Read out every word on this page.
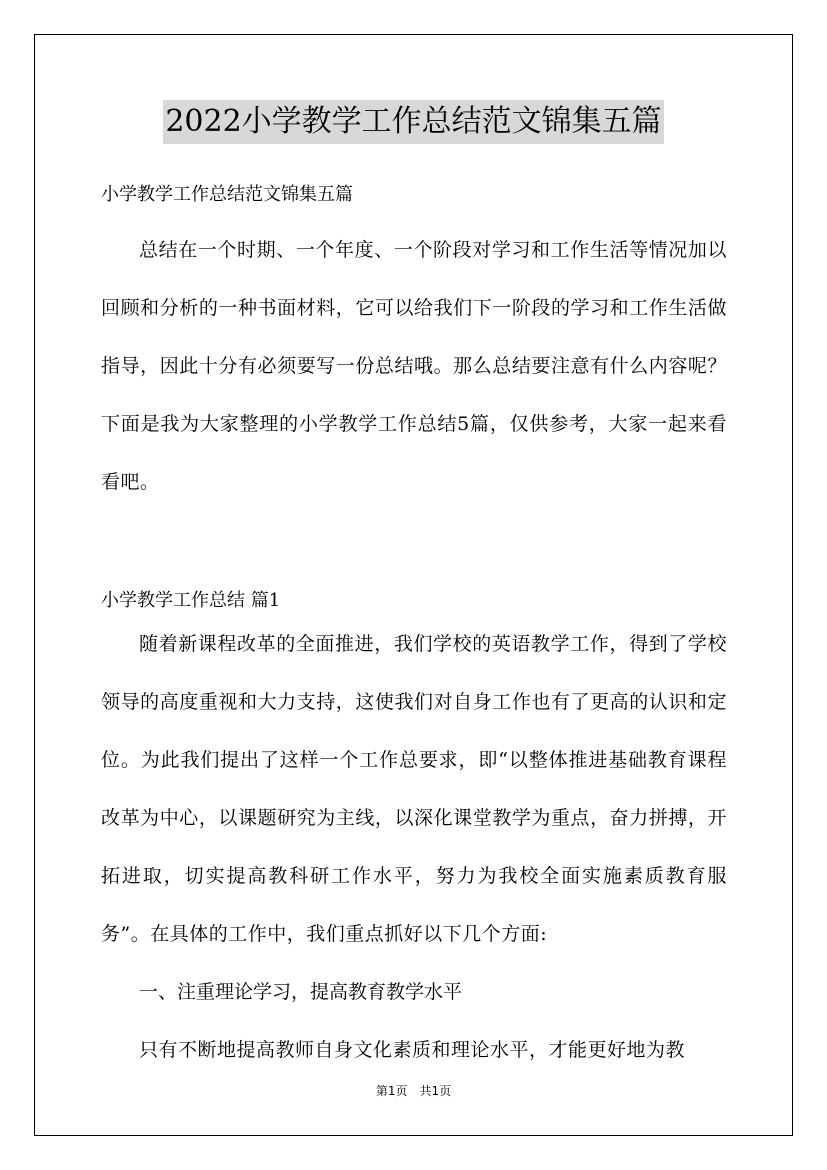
2022小学教学工作总结范文锦集五篇

小学教学工作总结范文锦集五篇

总结在一个时期、一个年度、一个阶段对学习和工作生活等情况加以回顾和分析的一种书面材料，它可以给我们下一阶段的学习和工作生活做指导，因此十分有必须要写一份总结哦。那么总结要注意有什么内容呢？下面是我为大家整理的小学教学工作总结5篇，仅供参考，大家一起来看看吧。

小学教学工作总结 篇1

随着新课程改革的全面推进，我们学校的英语教学工作，得到了学校领导的高度重视和大力支持，这使我们对自身工作也有了更高的认识和定位。为此我们提出了这样一个工作总要求，即“以整体推进基础教育课程改革为中心，以课题研究为主线，以深化课堂教学为重点，奋力拼搏，开拓进取，切实提高教科研工作水平，努力为我校全面实施素质教育服务”。在具体的工作中，我们重点抓好以下几个方面:

一、注重理论学习，提高教育教学水平

只有不断地提高教师自身文化素质和理论水平，才能更好地为教

第1页　共1页
